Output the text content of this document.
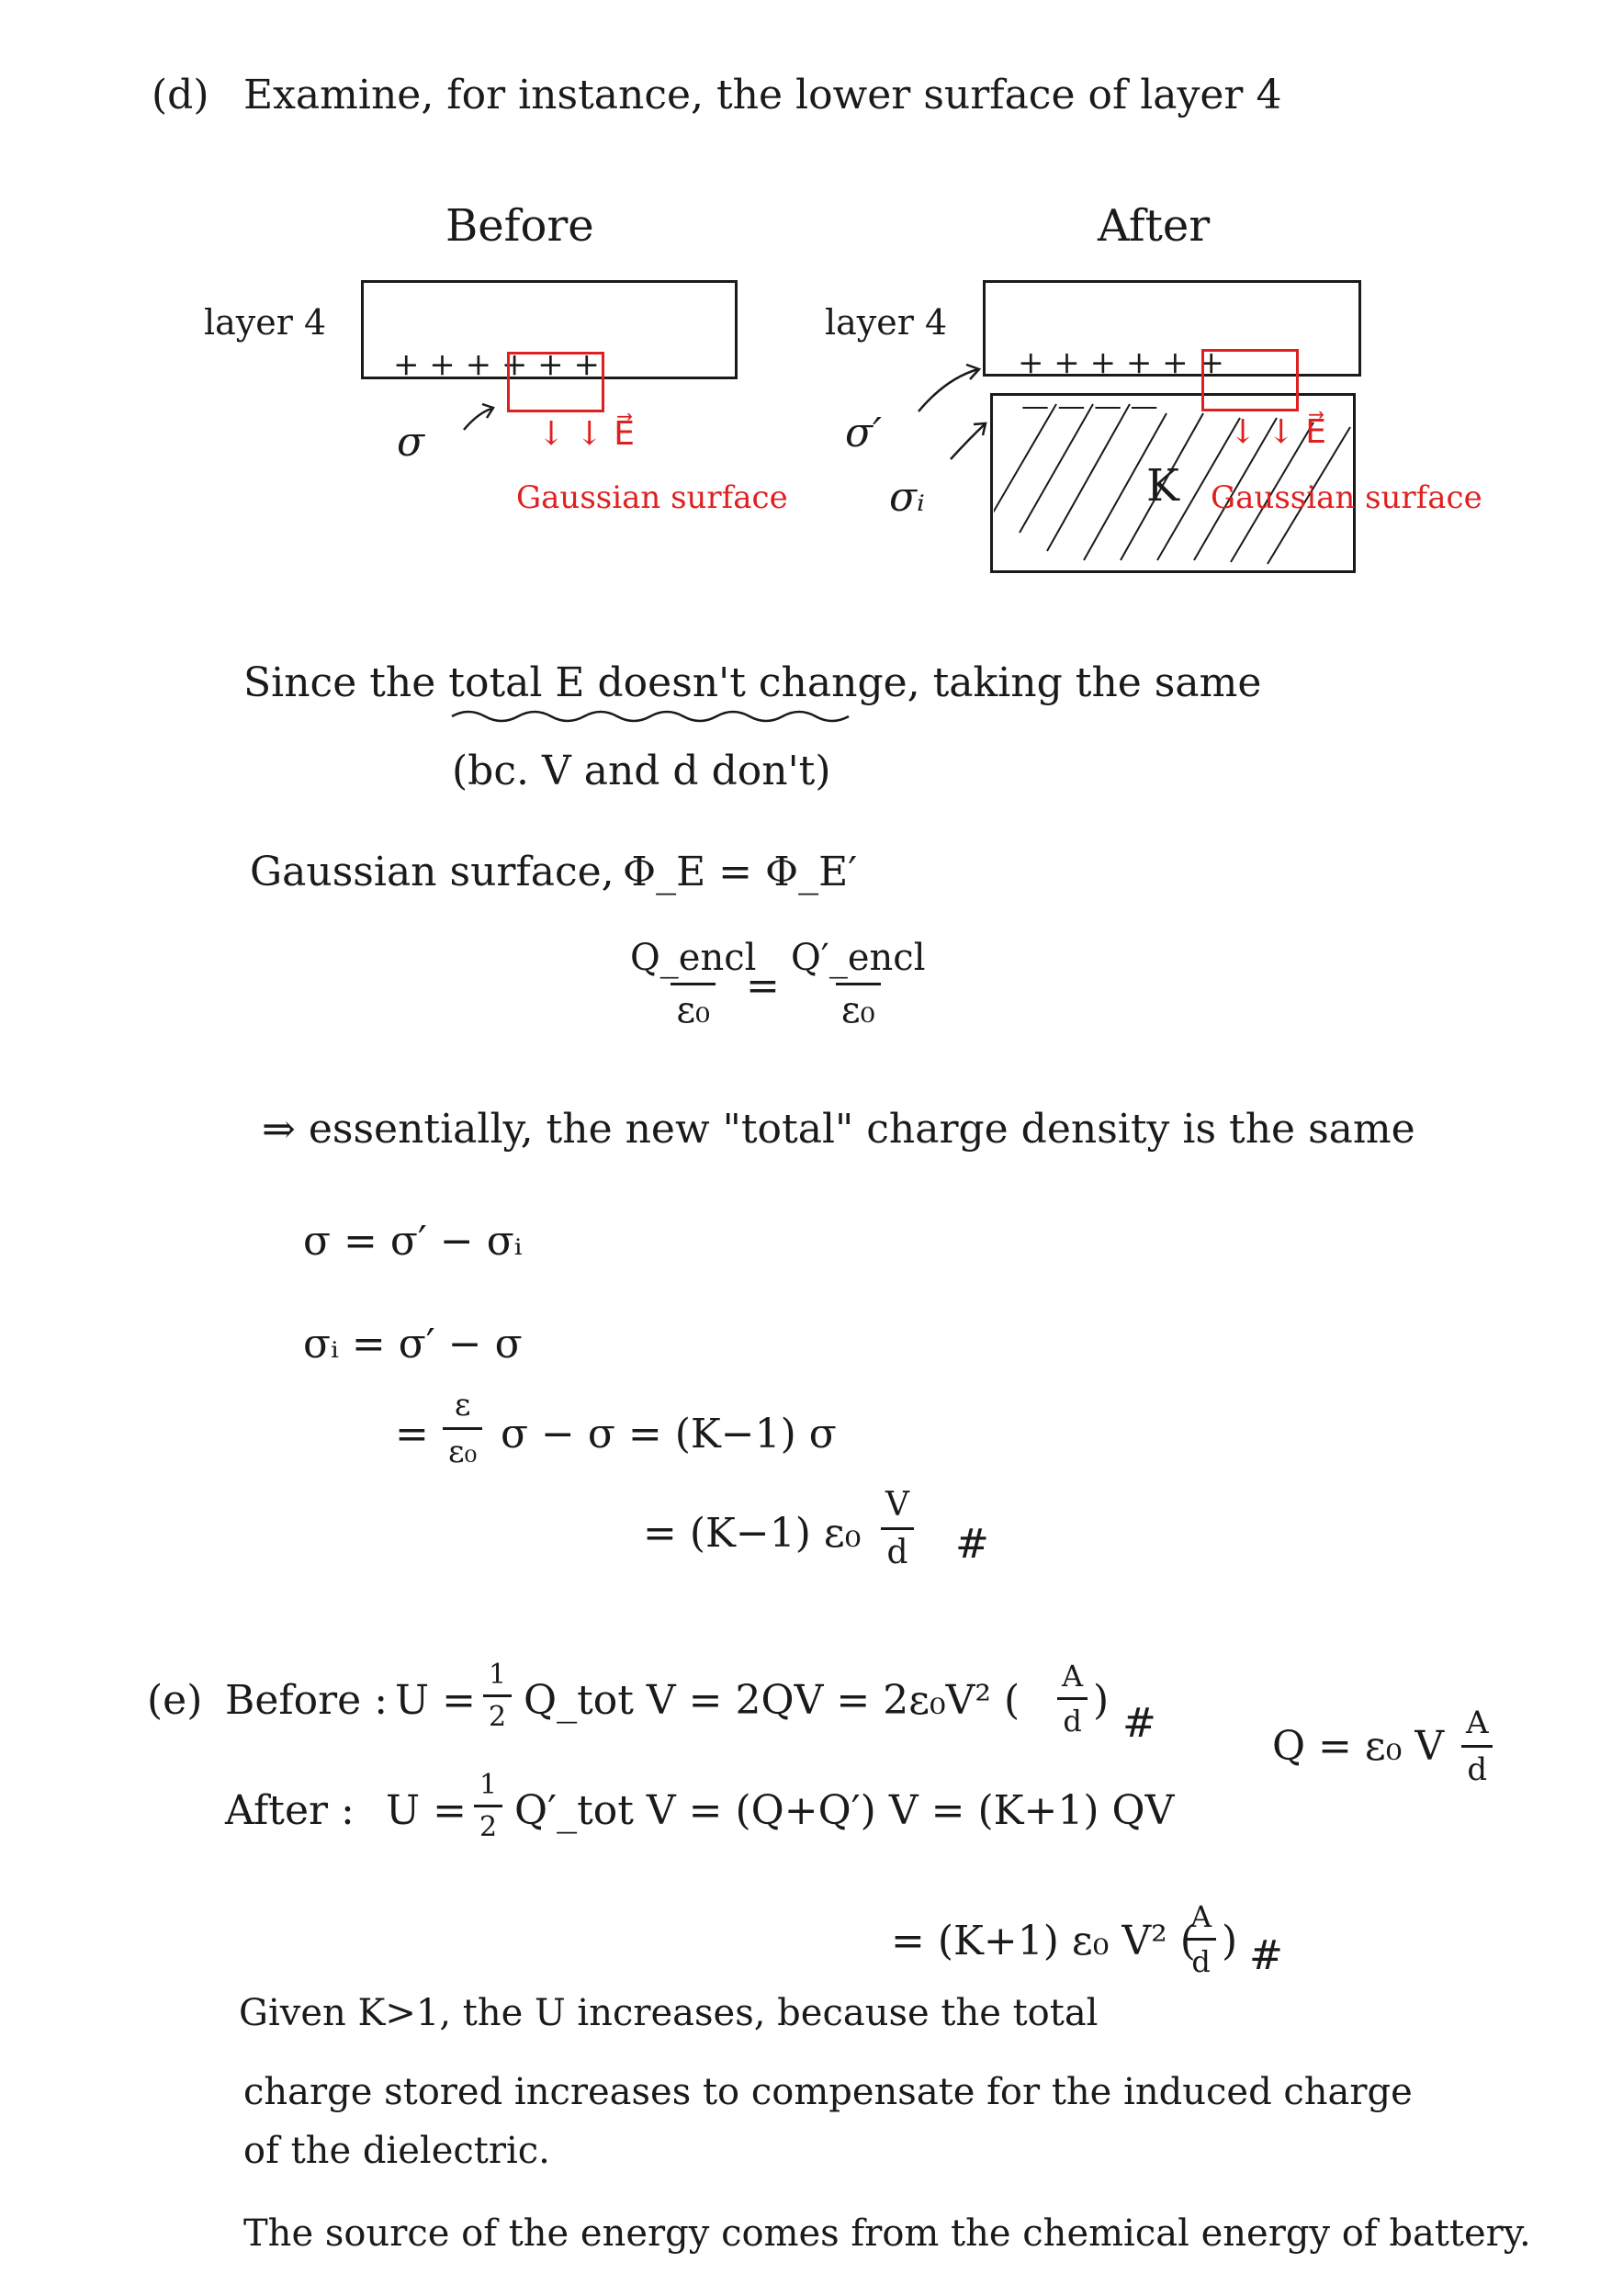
(d) Examine, for instance, the lower surface of layer 4
Before	After
layer 4
+ + + + + +
σ	↓ ↓ E⃗
Gaussian surface
layer 4
+ + + + + +
— — — —
σ′
σᵢ	K
↓ ↓ E⃗
Gaussian surface
Since the total E doesn't change, taking the same
(bc. V and d don't)
Gaussian surface, Φ_E = Φ_E′
Q_encl
ε₀
=
Q′_encl
ε₀
⇒ essentially, the new "total" charge density is the same
σ = σ′ − σᵢ
σᵢ = σ′ − σ
= $\frac{\varepsilon}{\text{ε₀}}$ σ − σ = (K−1) σ
= (K−1) $\varepsilon_0 \frac{V}{d}$ #
(e) Before : $U = \frac{1}{2}$ Q_tot V = 2QV = 2ε₀V² ( $\frac{A}{d}$ ) #	Q = ε₀ V $\frac{A}{d}$
After : $U = \frac{1}{2}$ Q′_tot V = (Q+Q′) V = (K+1) QV
= (K+1) ε₀ V² (
$\frac{A}{d}$ ) #
Given K>1, the U increases, because the total
charge stored increases to compensate for the induced charge
of the dielectric.
The source of the energy comes from the chemical energy of battery.
